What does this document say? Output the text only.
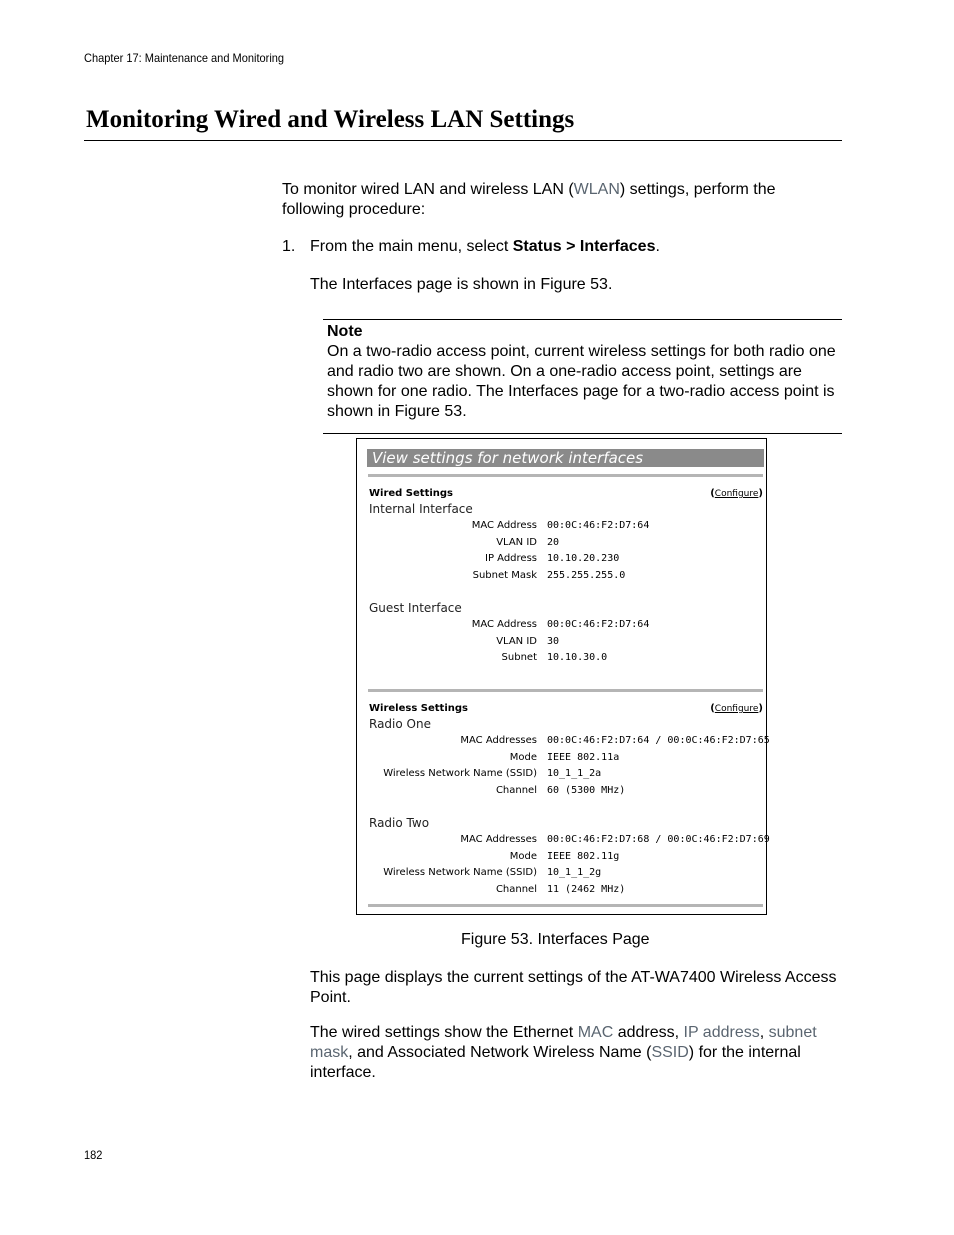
Chapter 17: Maintenance and Monitoring
Monitoring Wired and Wireless LAN Settings
To monitor wired LAN and wireless LAN (WLAN) settings, perform the following procedure:
1. From the main menu, select Status > Interfaces.
The Interfaces page is shown in Figure 53.
Note
On a two-radio access point, current wireless settings for both radio one and radio two are shown. On a one-radio access point, settings are shown for one radio. The Interfaces page for a two-radio access point is shown in Figure 53.
View settings for network interfaces
Wired Settings	(Configure)
Internal Interface
MAC Address 00:0C:46:F2:D7:64
VLAN ID 20
IP Address 10.10.20.230
Subnet Mask 255.255.255.0
Guest Interface
MAC Address 00:0C:46:F2:D7:64
VLAN ID 30
Subnet 10.10.30.0
Wireless Settings	(Configure)
Radio One
MAC Addresses 00:0C:46:F2:D7:64 / 00:0C:46:F2:D7:65
Mode IEEE 802.11a
Wireless Network Name (SSID) 10_1_1_2a
Channel 60 (5300 MHz)
Radio Two
MAC Addresses 00:0C:46:F2:D7:68 / 00:0C:46:F2:D7:69
Mode IEEE 802.11g
Wireless Network Name (SSID) 10_1_1_2g
Channel 11 (2462 MHz)
Figure 53. Interfaces Page
This page displays the current settings of the AT-WA7400 Wireless Access Point.
The wired settings show the Ethernet MAC address, IP address, subnet mask, and Associated Network Wireless Name (SSID) for the internal interface.
182
